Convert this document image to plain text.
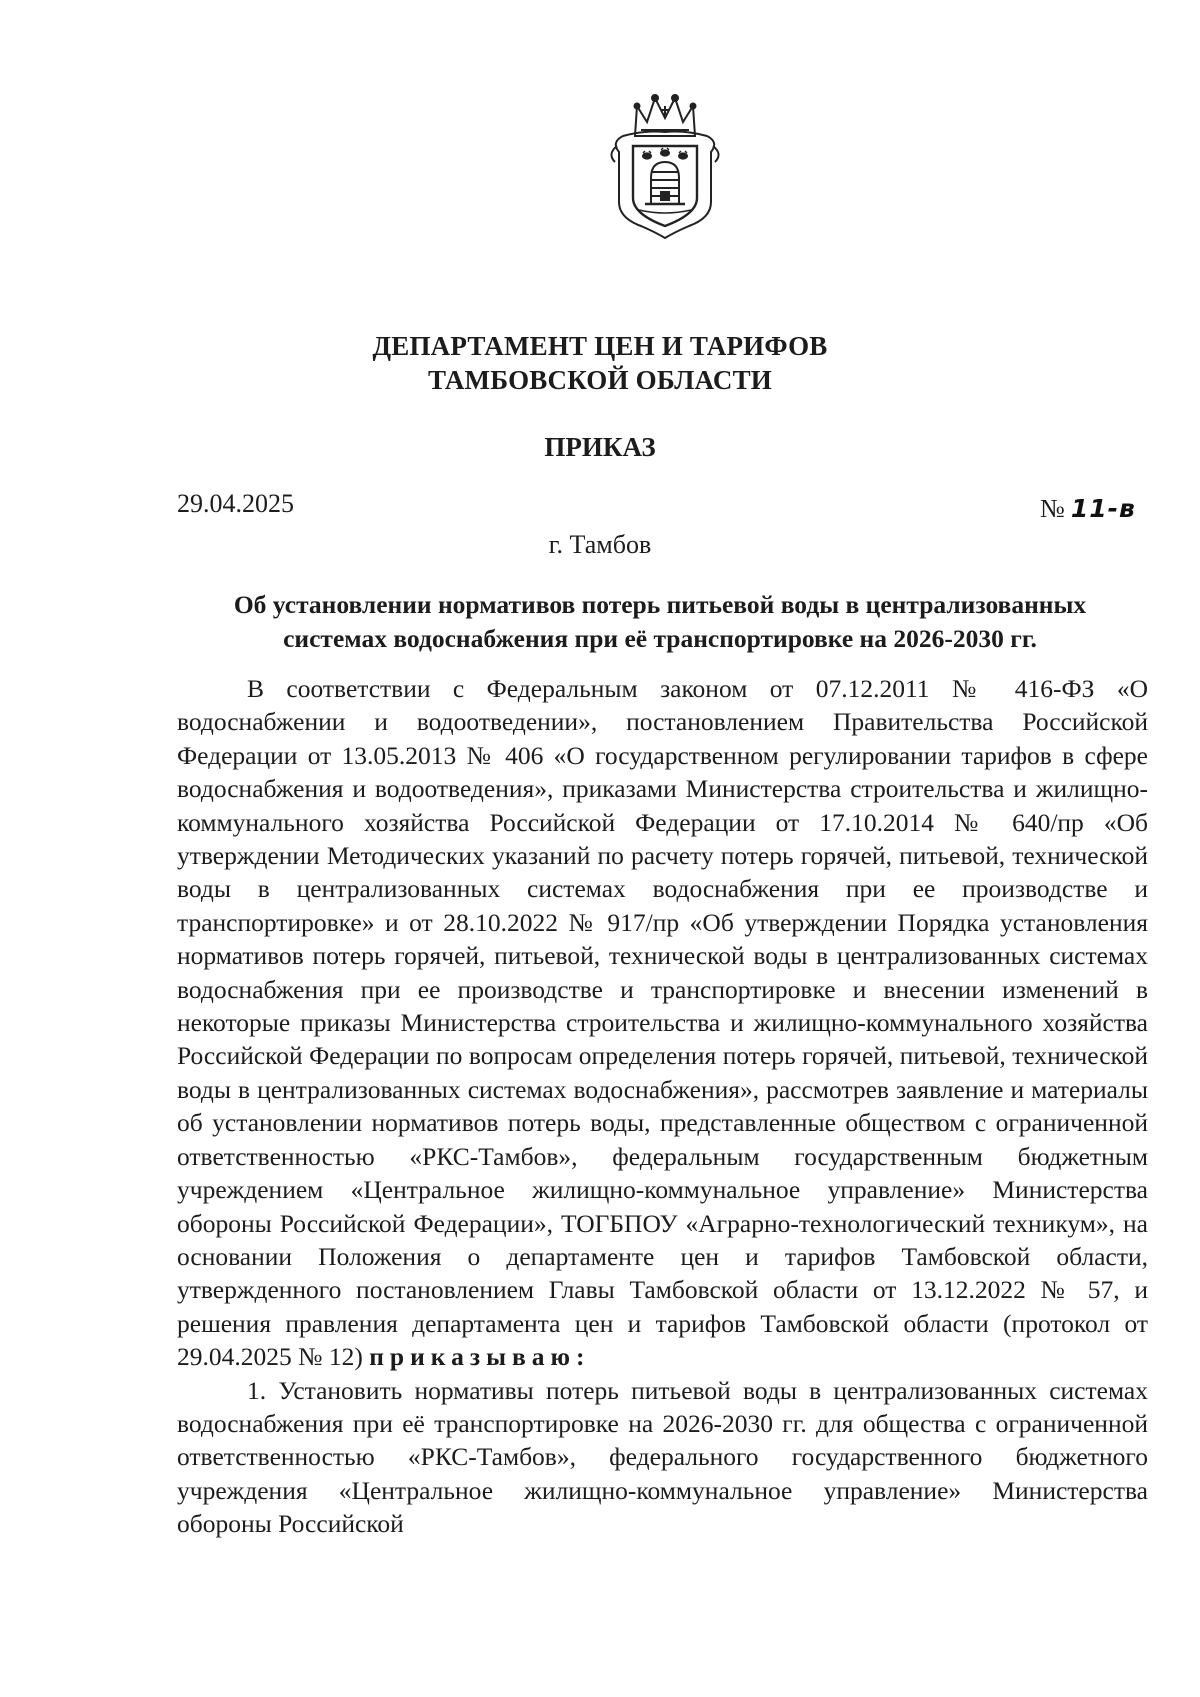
ДЕПАРТАМЕНТ ЦЕН И ТАРИФОВ
ТАМБОВСКОЙ ОБЛАСТИ
ПРИКАЗ
29.04.2025	№ 11-в
г. Тамбов
Об установлении нормативов потерь питьевой воды в централизованных
системах водоснабжения при её транспортировке на 2026-2030 гг.

В соответствии с Федеральным законом от 07.12.2011 № 416-ФЗ «О водоснабжении и водоотведении», постановлением Правительства Российской Федерации от 13.05.2013 № 406 «О государственном регулировании тарифов в сфере водоснабжения и водоотведения», приказами Министерства строительства и жилищно-коммунального хозяйства Российской Федерации от 17.10.2014 № 640/пр «Об утверждении Методических указаний по расчету потерь горячей, питьевой, технической воды в централизованных системах водоснабжения при ее производстве и транспортировке» и от 28.10.2022 № 917/пр «Об утверждении Порядка установления нормативов потерь горячей, питьевой, технической воды в централизованных системах водоснабжения при ее производстве и транспортировке и внесении изменений в некоторые приказы Министерства строительства и жилищно-коммунального хозяйства Российской Федерации по вопросам определения потерь горячей, питьевой, технической воды в централизованных системах водоснабжения», рассмотрев заявление и материалы об установлении нормативов потерь воды, представленные обществом с ограниченной ответственностью «РКС-Тамбов», федеральным государственным бюджетным учреждением «Центральное жилищно-коммунальное управление» Министерства обороны Российской Федерации», ТОГБПОУ «Аграрно-технологический техникум», на основании Положения о департаменте цен и тарифов Тамбовской области, утвержденного постановлением Главы Тамбовской области от 13.12.2022 № 57, и решения правления департамента цен и тарифов Тамбовской области (протокол от 29.04.2025 № 12) приказываю:

1. Установить нормативы потерь питьевой воды в централизованных системах водоснабжения при её транспортировке на 2026-2030 гг. для общества с ограниченной ответственностью «РКС-Тамбов», федерального государственного бюджетного учреждения «Центральное жилищно-коммунальное управление» Министерства обороны Российской
